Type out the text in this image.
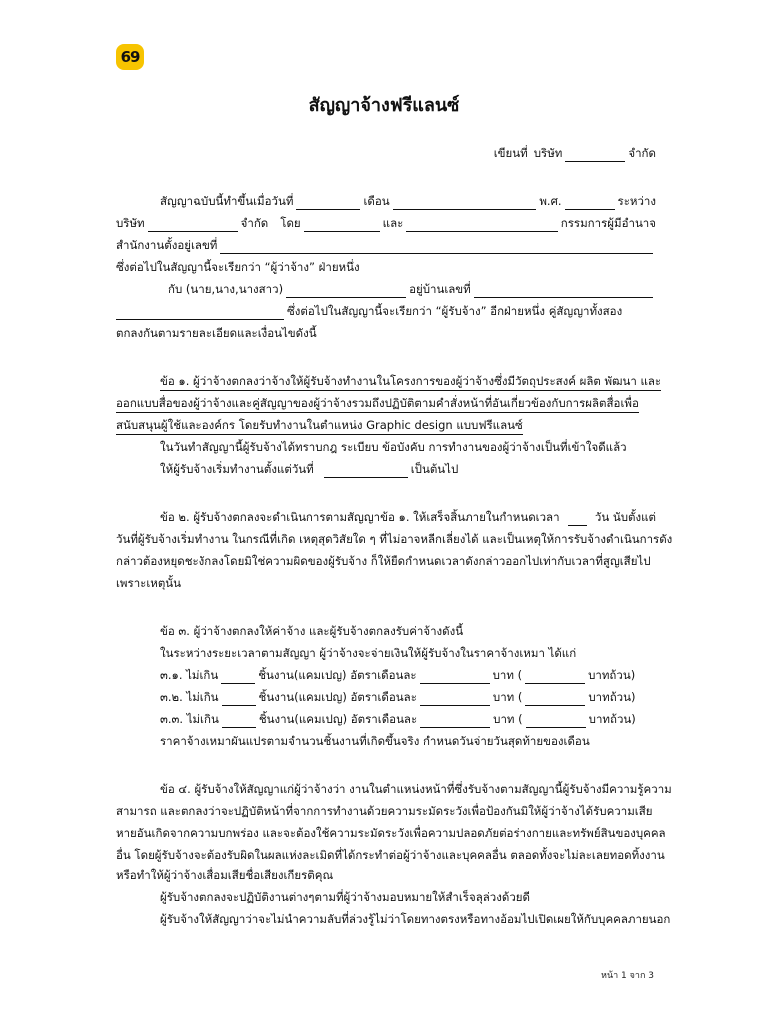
69
สัญญาจ้างฟรีแลนซ์
เขียนที่ บริษัท	จำกัด
สัญญาฉบับนี้ทำขึ้นเมื่อวันที่	เดือน	พ.ศ.	ระหว่าง
บริษัท	จำกัด โดย	และ	กรรมการผู้มีอำนาจ
สำนักงานตั้งอยู่เลขที่
ซึ่งต่อไปในสัญญานี้จะเรียกว่า “ผู้ว่าจ้าง” ฝ่ายหนึ่ง
กับ (นาย,นาง,นางสาว)	อยู่บ้านเลขที่
ซึ่งต่อไปในสัญญานี้จะเรียกว่า “ผู้รับจ้าง” อีกฝ่ายหนึ่ง คู่สัญญาทั้งสอง
ตกลงกันตามรายละเอียดและเงื่อนไขดังนี้
ข้อ ๑. ผู้ว่าจ้างตกลงว่าจ้างให้ผู้รับจ้างทำงานในโครงการของผู้ว่าจ้างซึ่งมีวัตถุประสงค์ ผลิต พัฒนา และ
ออกแบบสื่อของผู้ว่าจ้างและคู่สัญญาของผู้ว่าจ้างรวมถึงปฏิบัติตามคำสั่งหน้าที่อันเกี่ยวข้องกับการผลิตสื่อเพื่อ
สนับสนุนผู้ใช้และองค์กร โดยรับทำงานในตำแหน่ง Graphic design แบบฟรีแลนซ์
ในวันทำสัญญานี้ผู้รับจ้างได้ทราบกฎ ระเบียบ ข้อบังคับ การทำงานของผู้ว่าจ้างเป็นที่เข้าใจดีแล้ว
ให้ผู้รับจ้างเริ่มทำงานตั้งแต่วันที่	เป็นต้นไป
ข้อ ๒. ผู้รับจ้างตกลงจะดำเนินการตามสัญญาข้อ ๑. ให้เสร็จสิ้นภายในกำหนดเวลา	วัน นับตั้งแต่
วันที่ผู้รับจ้างเริ่มทำงาน ในกรณีที่เกิด เหตุสุดวิสัยใด ๆ ที่ไม่อาจหลีกเลี่ยงได้ และเป็นเหตุให้การรับจ้างดำเนินการดัง
กล่าวต้องหยุดชะงักลงโดยมิใช่ความผิดของผู้รับจ้าง ก็ให้ยืดกำหนดเวลาดังกล่าวออกไปเท่ากับเวลาที่สูญเสียไป
เพราะเหตุนั้น
ข้อ ๓. ผู้ว่าจ้างตกลงให้ค่าจ้าง และผู้รับจ้างตกลงรับค่าจ้างดังนี้
ในระหว่างระยะเวลาตามสัญญา ผู้ว่าจ้างจะจ่ายเงินให้ผู้รับจ้างในราคาจ้างเหมา ได้แก่
๓.๑. ไม่เกิน	ชิ้นงาน(แคมเปญ) อัตราเดือนละ	บาท (	บาทถ้วน)
๓.๒. ไม่เกิน	ชิ้นงาน(แคมเปญ) อัตราเดือนละ	บาท (	บาทถ้วน)
๓.๓. ไม่เกิน	ชิ้นงาน(แคมเปญ) อัตราเดือนละ	บาท (	บาทถ้วน)
ราคาจ้างเหมาผันแปรตามจำนวนชิ้นงานที่เกิดขึ้นจริง กำหนดวันจ่ายวันสุดท้ายของเดือน
ข้อ ๔. ผู้รับจ้างให้สัญญาแก่ผู้ว่าจ้างว่า งานในตำแหน่งหน้าที่ซึ่งรับจ้างตามสัญญานี้ผู้รับจ้างมีความรู้ความ
สามารถ และตกลงว่าจะปฏิบัติหน้าที่จากการทำงานด้วยความระมัดระวังเพื่อป้องกันมิให้ผู้ว่าจ้างได้รับความเสีย
หายอันเกิดจากความบกพร่อง และจะต้องใช้ความระมัดระวังเพื่อความปลอดภัยต่อร่างกายและทรัพย์สินของบุคคล
อื่น โดยผู้รับจ้างจะต้องรับผิดในผลแห่งละเมิดที่ได้กระทำต่อผู้ว่าจ้างและบุคคลอื่น ตลอดทั้งจะไม่ละเลยทอดทิ้งงาน
หรือทำให้ผู้ว่าจ้างเสื่อมเสียชื่อเสียงเกียรติคุณ
ผู้รับจ้างตกลงจะปฏิบัติงานต่างๆตามที่ผู้ว่าจ้างมอบหมายให้สำเร็จลุล่วงด้วยดี
ผู้รับจ้างให้สัญญาว่าจะไม่นำความลับที่ล่วงรู้ไม่ว่าโดยทางตรงหรือทางอ้อมไปเปิดเผยให้กับบุคคลภายนอก
หน้า 1 จาก 3
